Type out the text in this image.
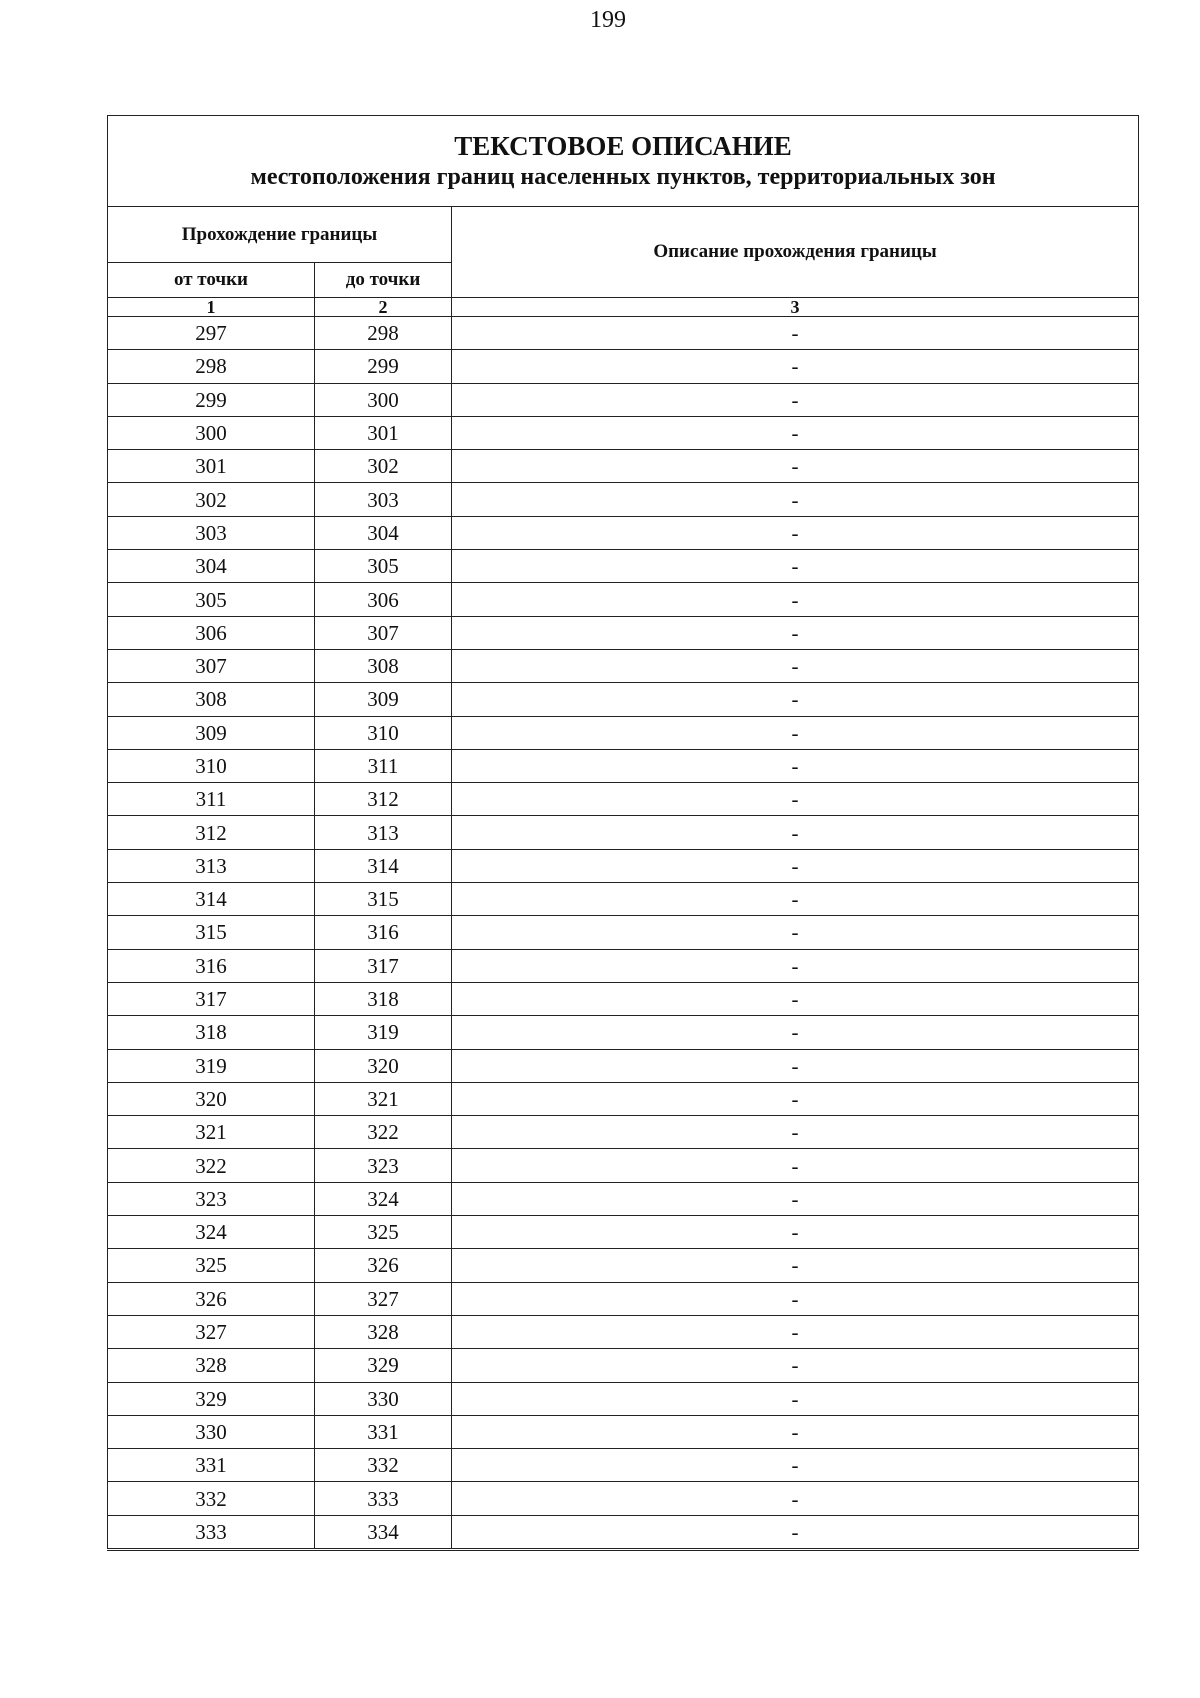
199
ТЕКСТОВОЕ ОПИСАНИЕ
местоположения границ населенных пунктов, территориальных зон		

Прохождение границы		Описание прохождения границы
от точки	до точки	
1	2	3
297	298	-
298	299	-
299	300	-
300	301	-
301	302	-
302	303	-
303	304	-
304	305	-
305	306	-
306	307	-
307	308	-
308	309	-
309	310	-
310	311	-
311	312	-
312	313	-
313	314	-
314	315	-
315	316	-
316	317	-
317	318	-
318	319	-
319	320	-
320	321	-
321	322	-
322	323	-
323	324	-
324	325	-
325	326	-
326	327	-
327	328	-
328	329	-
329	330	-
330	331	-
331	332	-
332	333	-
333	334	-
